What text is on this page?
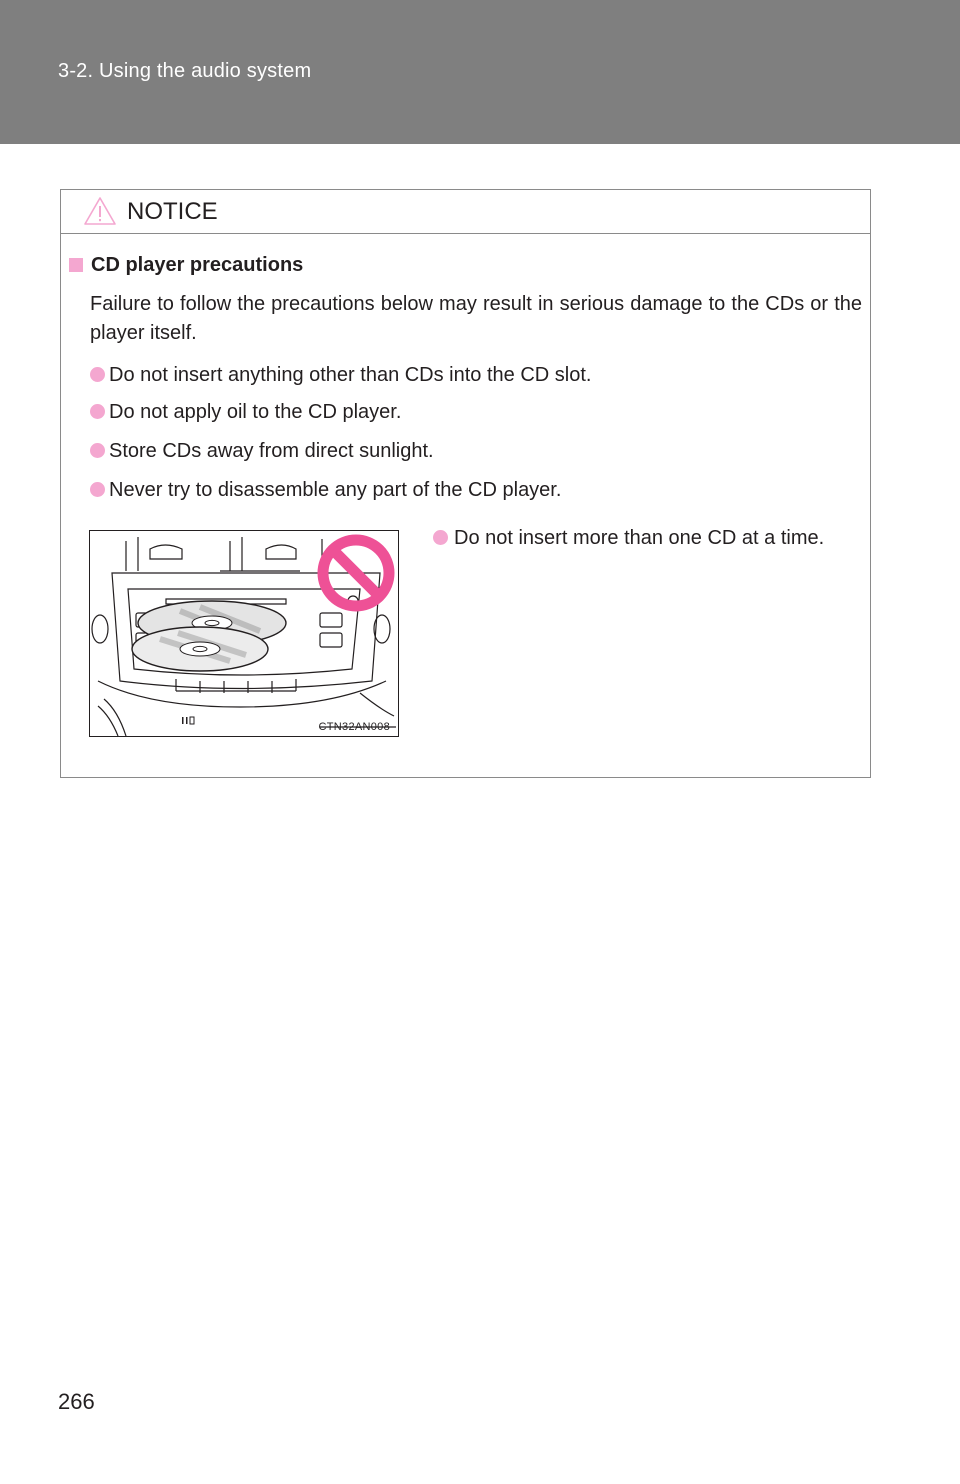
3-2. Using the audio system
NOTICE
CD player precautions
Failure to follow the precautions below may result in serious damage to the CDs or the player itself.
Do not insert anything other than CDs into the CD slot.
Do not apply oil to the CD player.
Store CDs away from direct sunlight.
Never try to disassemble any part of the CD player.
CTN32AN008
Do not insert more than one CD at a time.
266
